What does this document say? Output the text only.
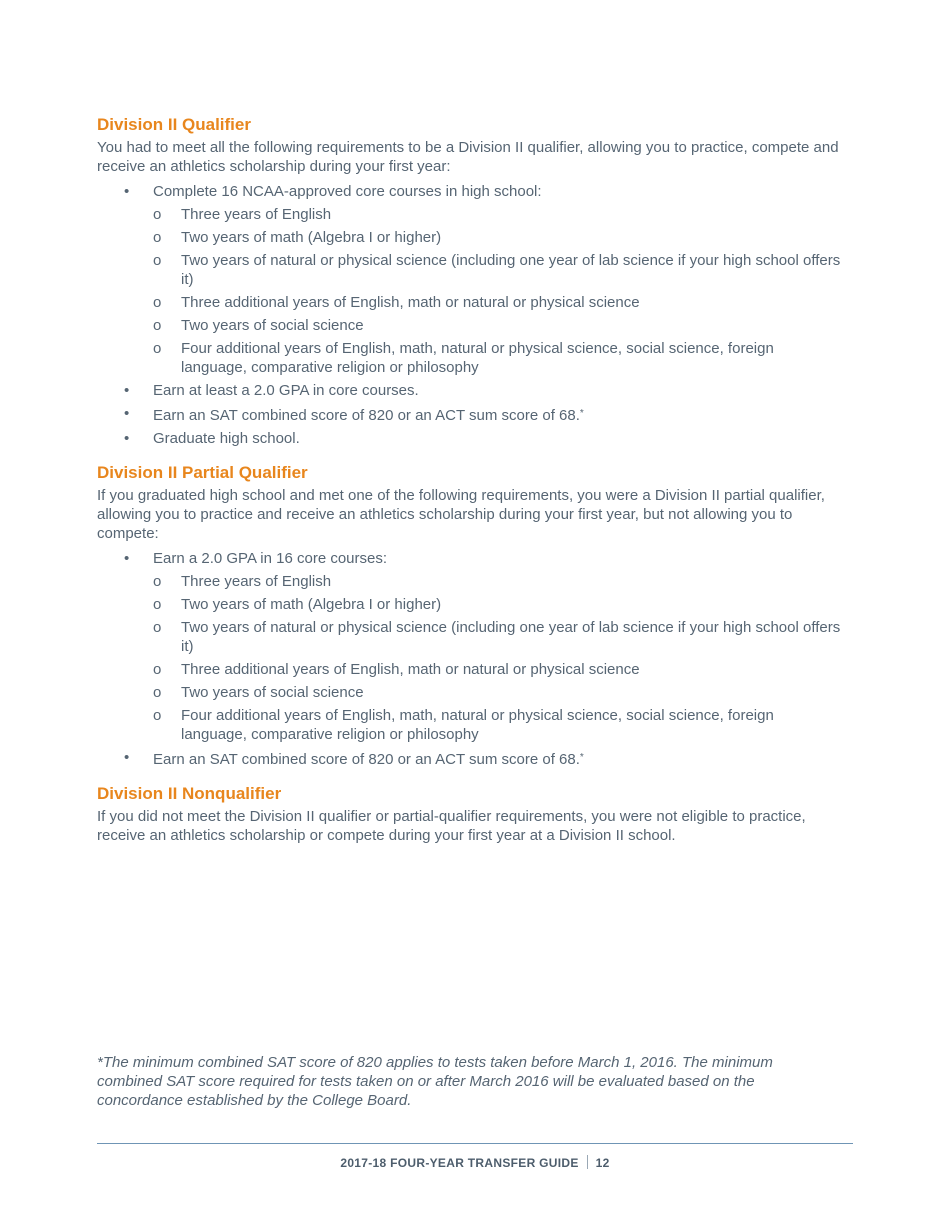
Division II Qualifier

You had to meet all the following requirements to be a Division II qualifier, allowing you to practice, compete and receive an athletics scholarship during your first year:

• Complete 16 NCAA-approved core courses in high school:
o Three years of English
o Two years of math (Algebra I or higher)
o Two years of natural or physical science (including one year of lab science if your high school offers it)
o Three additional years of English, math or natural or physical science
o Two years of social science
o Four additional years of English, math, natural or physical science, social science, foreign language, comparative religion or philosophy
• Earn at least a 2.0 GPA in core courses.
• Earn an SAT combined score of 820 or an ACT sum score of 68.*
• Graduate high school.
Division II Partial Qualifier

If you graduated high school and met one of the following requirements, you were a Division II partial qualifier, allowing you to practice and receive an athletics scholarship during your first year, but not allowing you to compete:

• Earn a 2.0 GPA in 16 core courses:
o Three years of English
o Two years of math (Algebra I or higher)
o Two years of natural or physical science (including one year of lab science if your high school offers it)
o Three additional years of English, math or natural or physical science
o Two years of social science
o Four additional years of English, math, natural or physical science, social science, foreign language, comparative religion or philosophy
• Earn an SAT combined score of 820 or an ACT sum score of 68.*
Division II Nonqualifier

If you did not meet the Division II qualifier or partial-qualifier requirements, you were not eligible to practice, receive an athletics scholarship or compete during your first year at a Division II school.

*The minimum combined SAT score of 820 applies to tests taken before March 1, 2016. The minimum combined SAT score required for tests taken on or after March 2016 will be evaluated based on the concordance established by the College Board.
2017-18 FOUR-YEAR TRANSFER GUIDE 12
